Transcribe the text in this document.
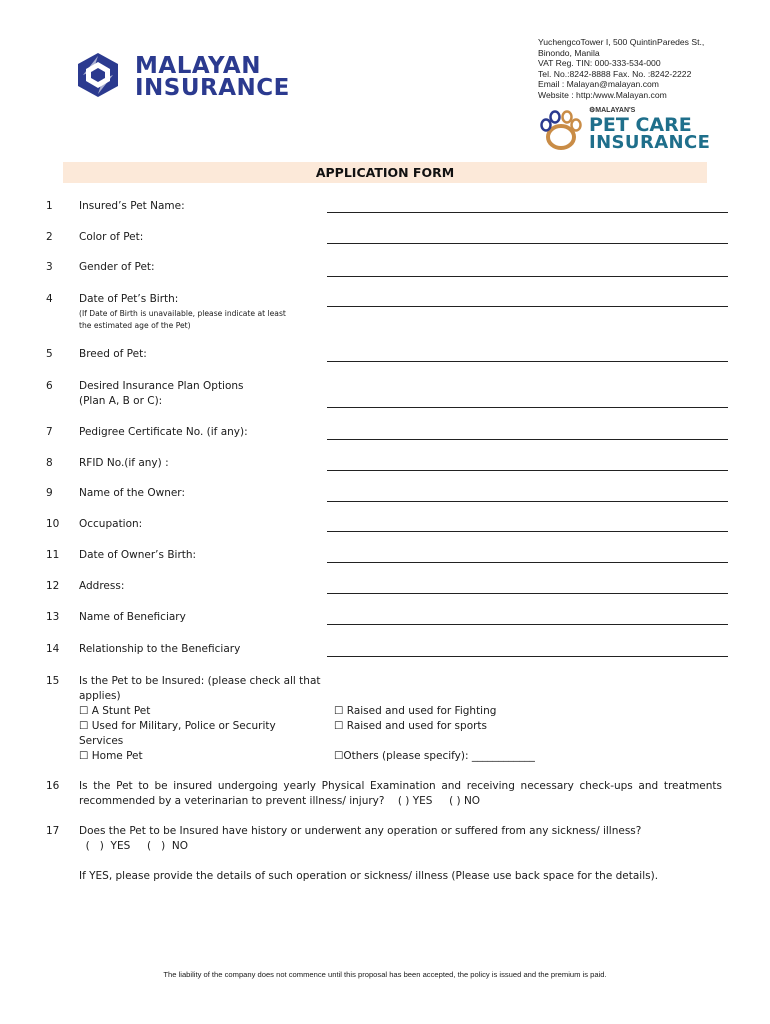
MALAYAN
INSURANCE
YuchengcoTower I, 500 QuintinParedes St.,
Binondo, Manila
VAT Reg. TIN: 000-333-534-000
Tel. No.:8242-8888 Fax. No. :8242-2222
Email : Malayan@malayan.com
Website : http:/www.Malayan.com
⚙MALAYAN'S
PET CARE
INSURANCE
APPLICATION FORM
1	Insured’s Pet Name:
2	Color of Pet:
3	Gender of Pet:
4	Date of Pet’s Birth:
(If Date of Birth is unavailable, please indicate at least
the estimated age of the Pet)
5	Breed of Pet:
6	Desired Insurance Plan Options
(Plan A, B or C):
7	Pedigree Certificate No. (if any):
8	RFID No.(if any) :
9	Name of the Owner:
10 Occupation:
11 Date of Owner’s Birth:
12 Address:
13 Name of Beneficiary
14 Relationship to the Beneficiary
15 Is the Pet to be Insured: (please check all that
applies)
☐ A Stunt Pet
☐ Used for Military, Police or Security
Services
☐ Home Pet
☐ Raised and used for Fighting
☐ Raised and used for sports
☐Others (please specify): ____________
16 Is the Pet to be insured undergoing yearly Physical Examination and receiving necessary check-ups and treatments
recommended by a veterinarian to prevent illness/ injury?    ( ) YES     ( ) NO
17 Does the Pet to be Insured have history or underwent any operation or suffered from any sickness/ illness?
(   )  YES     (   )  NO
If YES, please provide the details of such operation or sickness/ illness (Please use back space for the details).
The liability of the company does not commence until this proposal has been accepted, the policy is issued and the premium is paid.
